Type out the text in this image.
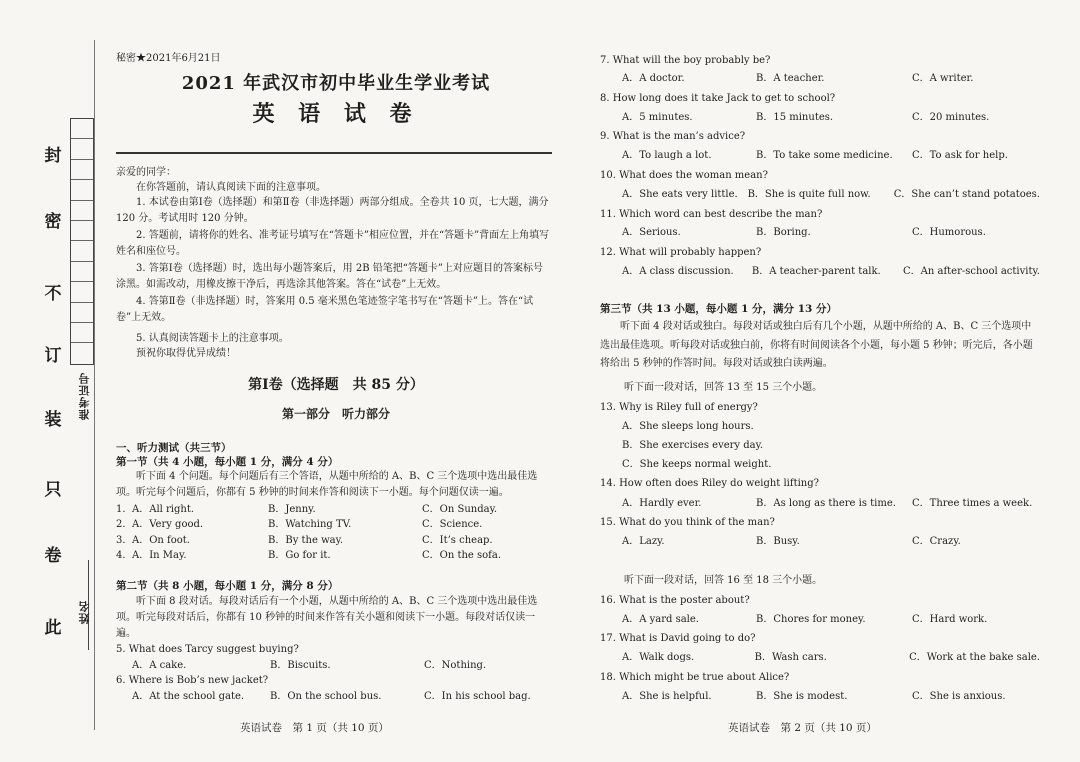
封
密
不
订
装
只
卷
此
准考证号
姓名
秘密★2021年6月21日
2021 年武汉市初中毕业生学业考试
英 语 试 卷
亲爱的同学：
在你答题前，请认真阅读下面的注意事项。
1. 本试卷由第Ⅰ卷（选择题）和第Ⅱ卷（非选择题）两部分组成。全卷共 10 页，七大题，满分 120 分。考试用时 120 分钟。
2. 答题前，请将你的姓名、准考证号填写在“答题卡”相应位置，并在“答题卡”背面左上角填写姓名和座位号。
3. 答第Ⅰ卷（选择题）时，选出每小题答案后，用 2B 铅笔把“答题卡”上对应题目的答案标号涂黑。如需改动，用橡皮擦干净后，再选涂其他答案。答在“试卷”上无效。
4. 答第Ⅱ卷（非选择题）时，答案用 0.5 毫米黑色笔迹签字笔书写在“答题卡”上。答在“试卷”上无效。
5. 认真阅读答题卡上的注意事项。
预祝你取得优异成绩！
第Ⅰ卷（选择题　共 85 分）
第一部分　听力部分
一、听力测试（共三节）
第一节（共 4 小题，每小题 1 分，满分 4 分）
听下面 4 个问题。每个问题后有三个答语，从题中所给的 A、B、C 三个选项中选出最佳选项。听完每个问题后，你都有 5 秒钟的时间来作答和阅读下一小题。每个问题仅读一遍。
1． A．All right.	B．Jenny.	C．On Sunday.
2． A．Very good.	B．Watching TV.	C．Science.
3． A．On foot.	B．By the way.	C．It’s cheap.
4． A．In May.	B．Go for it.	C．On the sofa.
第二节（共 8 小题，每小题 1 分，满分 8 分）
听下面 8 段对话。每段对话后有一个小题，从题中所给的 A、B、C 三个选项中选出最佳选项。听完每段对话后，你都有 10 秒钟的时间来作答有关小题和阅读下一小题。每段对话仅读一遍。
5. What does Tarcy suggest buying?
A．A cake.	B．Biscuits.	C．Nothing.
6. Where is Bob’s new jacket?
A．At the school gate.	B．On the school bus.	C．In his school bag.
英语试卷　第 1 页（共 10 页）
7. What will the boy probably be?
A．A doctor.	B．A teacher.	C．A writer.
8. How long does it take Jack to get to school?
A．5 minutes.	B．15 minutes.	C．20 minutes.
9. What is the man’s advice?
A．To laugh a lot.	B．To take some medicine.	C．To ask for help.
10. What does the woman mean?
A．She eats very little. B．She is quite full now.	C．She can’t stand potatoes.
11. Which word can best describe the man?
A．Serious.	B．Boring.	C．Humorous.
12. What will probably happen?
A．A class discussion.	B．A teacher-parent talk.	C．An after-school activity.
第三节（共 13 小题，每小题 1 分，满分 13 分）
听下面 4 段对话或独白。每段对话或独白后有几个小题，从题中所给的 A、B、C 三个选项中选出最佳选项。听每段对话或独白前，你将有时间阅读各个小题，每小题 5 秒钟；听完后，各小题将给出 5 秒钟的作答时间。每段对话或独白读两遍。
听下面一段对话，回答 13 至 15 三个小题。
13. Why is Riley full of energy?
A．She sleeps long hours.
B．She exercises every day.
C．She keeps normal weight.
14. How often does Riley do weight lifting?
A．Hardly ever.	B．As long as there is time.	C．Three times a week.
15. What do you think of the man?
A．Lazy.	B．Busy.	C．Crazy.
听下面一段对话，回答 16 至 18 三个小题。
16. What is the poster about?
A．A yard sale.	B．Chores for money.	C．Hard work.
17. What is David going to do?
A．Walk dogs.	B．Wash cars.	C．Work at the bake sale.
18. Which might be true about Alice?
A．She is helpful.	B．She is modest.	C．She is anxious.
英语试卷　第 2 页（共 10 页）
